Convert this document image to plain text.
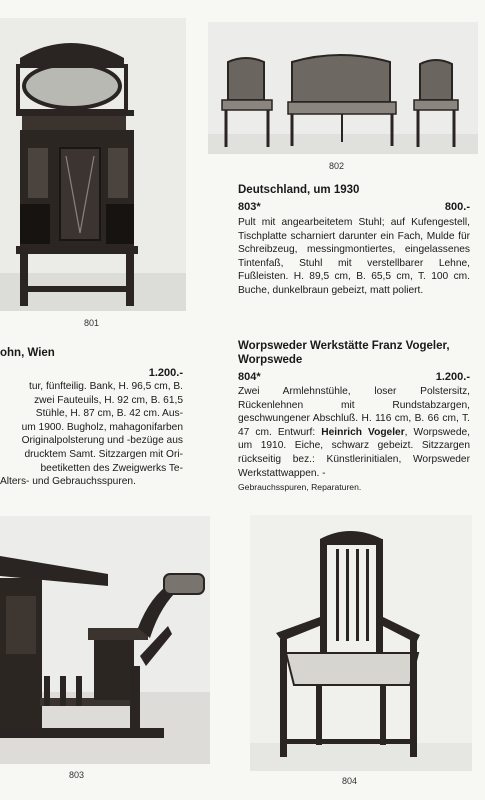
801
802

Deutschland, um 1930

803*	800.-

Pult mit angearbeitetem Stuhl; auf Kufengestell, Tischplatte scharniert darunter ein Fach, Mulde für Schreibzeug, messingmontiertes, eingelassenes Tintenfaß, Stuhl mit verstellbarer Lehne, Fußleisten. H. 89,5 cm, B. 65,5 cm, T. 100 cm. Buche, dunkelbraun gebeizt, matt poliert.

ohn, Wien
1.200.-
tur, fünfteilig. Bank, H. 96,5 cm, B.
zwei Fauteuils, H. 92 cm, B. 61,5
Stühle, H. 87 cm, B. 42 cm. Aus-
um 1900. Bugholz, mahagonifarben
Originalpolsterung und -bezüge aus
drucktem Samt. Sitzzargen mit Ori-
beetiketten des Zweigwerks Te-
Alters- und Gebrauchsspuren.

Worpsweder Werkstätte Franz Vogeler,

Worpswede

804*	1.200.-

Zwei Armlehnstühle, loser Polstersitz, Rückenlehnen mit Rundstabzargen, geschwungener Abschluß. H. 116 cm, B. 66 cm, T. 47 cm. Entwurf: Heinrich Vogeler, Worpswede, um 1910. Eiche, schwarz gebeizt. Sitzzargen rückseitig bez.: Künstlerinitialen, Worpsweder Werkstattwappen. -

Gebrauchsspuren, Reparaturen.

803
804
